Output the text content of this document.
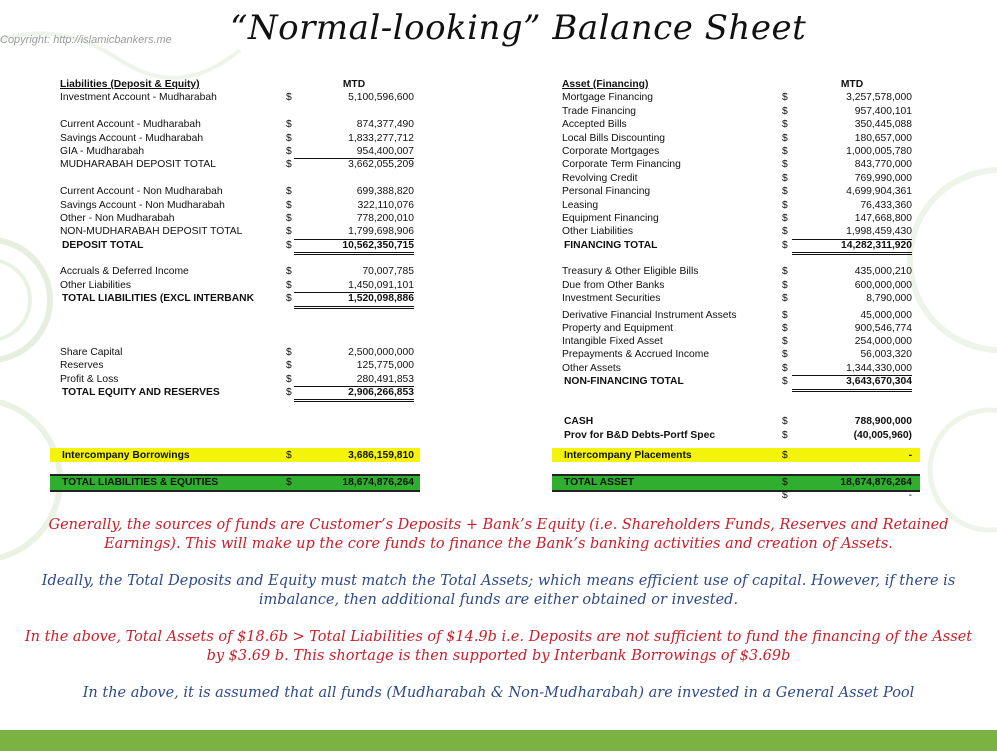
Copyright: http://islamicbankers.me “Normal-looking” Balance Sheet
Liabilities (Deposit & Equity)	MTD
Investment Account - Mudharabah	$	5,100,596,600
Current Account - Mudharabah	$	874,377,490
Savings Account - Mudharabah	$	1,833,277,712
GIA - Mudharabah	$	954,400,007
MUDHARABAH DEPOSIT TOTAL	$	3,662,055,209
Current Account - Non Mudharabah	$	699,388,820
Savings Account - Non Mudharabah	$	322,110,076
Other - Non Mudharabah	$	778,200,010
NON-MUDHARABAH DEPOSIT TOTAL	$	1,799,698,906
DEPOSIT TOTAL	$	10,562,350,715
Accruals & Deferred Income	$	70,007,785
Other Liabilities	$	1,450,091,101
TOTAL LIABILITIES (EXCL INTERBANK	$	1,520,098,886
Share Capital	$	2,500,000,000
Reserves	$	125,775,000
Profit & Loss	$	280,491,853
TOTAL EQUITY AND RESERVES	$	2,906,266,853
Intercompany Borrowings	$	3,686,159,810
TOTAL LIABILITIES & EQUITIES	$	18,674,876,264
Asset (Financing)	MTD
Mortgage Financing	$	3,257,578,000
Trade Financing	$	957,400,101
Accepted Bills	$	350,445,088
Local Bills Discounting	$	180,657,000
Corporate Mortgages	$	1,000,005,780
Corporate Term Financing	$	843,770,000
Revolving Credit	$	769,990,000
Personal Financing	$	4,699,904,361
Leasing	$	76,433,360
Equipment Financing	$	147,668,800
Other Liabilities	$	1,998,459,430
FINANCING TOTAL	$	14,282,311,920
Treasury & Other Eligible Bills	$	435,000,210
Due from Other Banks	$	600,000,000
Investment Securities	$	8,790,000
Derivative Financial Instrument Assets	$	45,000,000
Property and Equipment	$	900,546,774
Intangible Fixed Asset	$	254,000,000
Prepayments & Accrued Income	$	56,003,320
Other Assets	$	1,344,330,000
NON-FINANCING TOTAL	$	3,643,670,304
CASH	$	788,900,000
Prov for B&D Debts-Portf Spec	$	(40,005,960)
Intercompany Placements	$	-
TOTAL ASSET	$	18,674,876,264
$	-

Generally, the sources of funds are Customer’s Deposits + Bank’s Equity (i.e. Shareholders Funds, Reserves and Retained Earnings). This will make up the core funds to finance the Bank’s banking activities and creation of Assets.

Ideally, the Total Deposits and Equity must match the Total Assets; which means efficient use of capital. However, if there is imbalance, then additional funds are either obtained or invested.

In the above, Total Assets of $18.6b > Total Liabilities of $14.9b i.e. Deposits are not sufficient to fund the financing of the Asset by $3.69 b. This shortage is then supported by Interbank Borrowings of $3.69b

In the above, it is assumed that all funds (Mudharabah & Non-Mudharabah) are invested in a General Asset Pool
